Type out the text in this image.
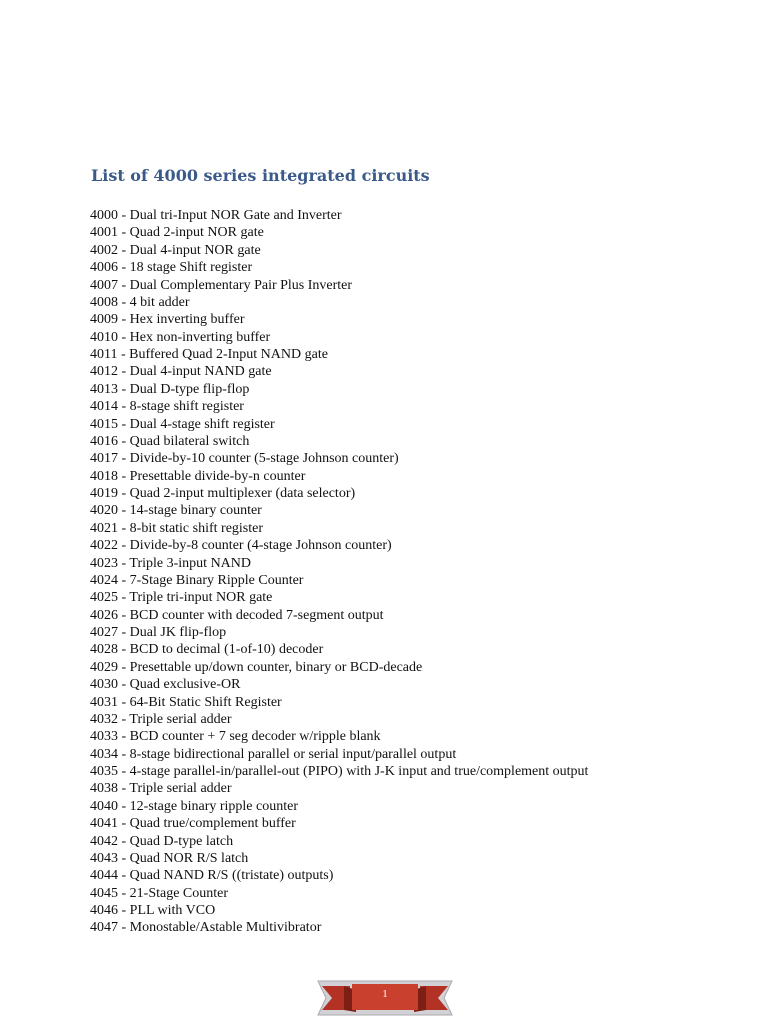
List of 4000 series integrated circuits
4000 - Dual tri-Input NOR Gate and Inverter
4001 - Quad 2-input NOR gate
4002 - Dual 4-input NOR gate
4006 - 18 stage Shift register
4007 - Dual Complementary Pair Plus Inverter
4008 - 4 bit adder
4009 - Hex inverting buffer
4010 - Hex non-inverting buffer
4011 - Buffered Quad 2-Input NAND gate
4012 - Dual 4-input NAND gate
4013 - Dual D-type flip-flop
4014 - 8-stage shift register
4015 - Dual 4-stage shift register
4016 - Quad bilateral switch
4017 - Divide-by-10 counter (5-stage Johnson counter)
4018 - Presettable divide-by-n counter
4019 - Quad 2-input multiplexer (data selector)
4020 - 14-stage binary counter
4021 - 8-bit static shift register
4022 - Divide-by-8 counter (4-stage Johnson counter)
4023 - Triple 3-input NAND
4024 - 7-Stage Binary Ripple Counter
4025 - Triple tri-input NOR gate
4026 - BCD counter with decoded 7-segment output
4027 - Dual JK flip-flop
4028 - BCD to decimal (1-of-10) decoder
4029 - Presettable up/down counter, binary or BCD-decade
4030 - Quad exclusive-OR
4031 - 64-Bit Static Shift Register
4032 - Triple serial adder
4033 - BCD counter + 7 seg decoder w/ripple blank
4034 - 8-stage bidirectional parallel or serial input/parallel output
4035 - 4-stage parallel-in/parallel-out (PIPO) with J-K input and true/complement output
4038 - Triple serial adder
4040 - 12-stage binary ripple counter
4041 - Quad true/complement buffer
4042 - Quad D-type latch
4043 - Quad NOR R/S latch
4044 - Quad NAND R/S ((tristate) outputs)
4045 - 21-Stage Counter
4046 - PLL with VCO
4047 - Monostable/Astable Multivibrator
1
